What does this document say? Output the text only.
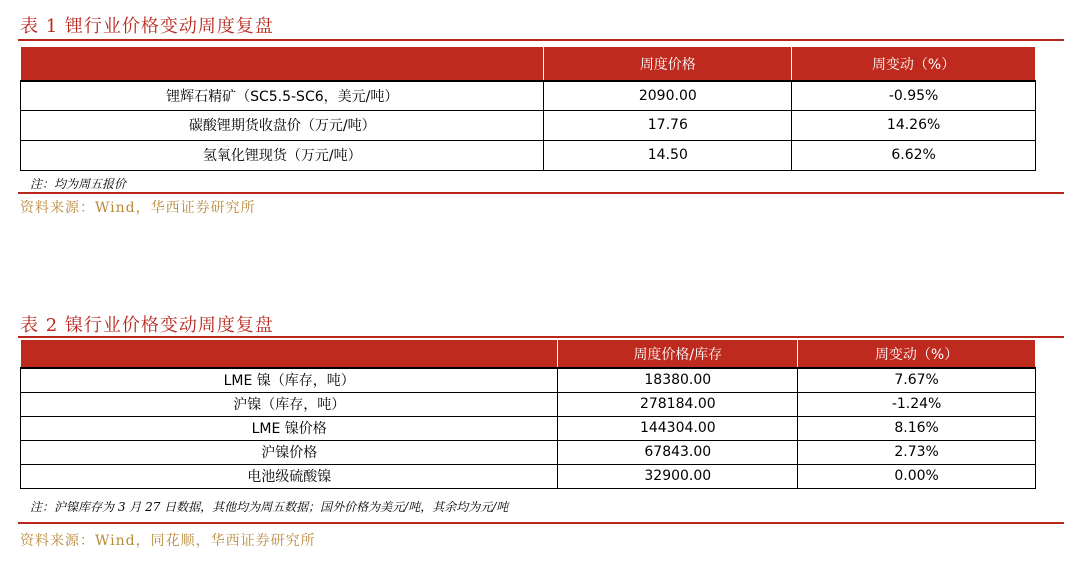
表 1 锂行业价格变动周度复盘
	周度价格	周变动（%）
锂辉石精矿（SC5.5-SC6，美元/吨）	2090.00	-0.95%
碳酸锂期货收盘价（万元/吨）	17.76	14.26%
氢氧化锂现货（万元/吨）	14.50	6.62%
注：均为周五报价
资料来源：Wind，华西证券研究所
表 2 镍行业价格变动周度复盘
	周度价格/库存	周变动（%）
LME 镍（库存，吨）	18380.00	7.67%
沪镍（库存，吨）	278184.00	-1.24%
LME 镍价格	144304.00	8.16%
沪镍价格	67843.00	2.73%
电池级硫酸镍	32900.00	0.00%
注：沪镍库存为 3 月 27 日数据，其他均为周五数据；国外价格为美元/吨，其余均为元/吨
资料来源：Wind，同花顺，华西证券研究所
